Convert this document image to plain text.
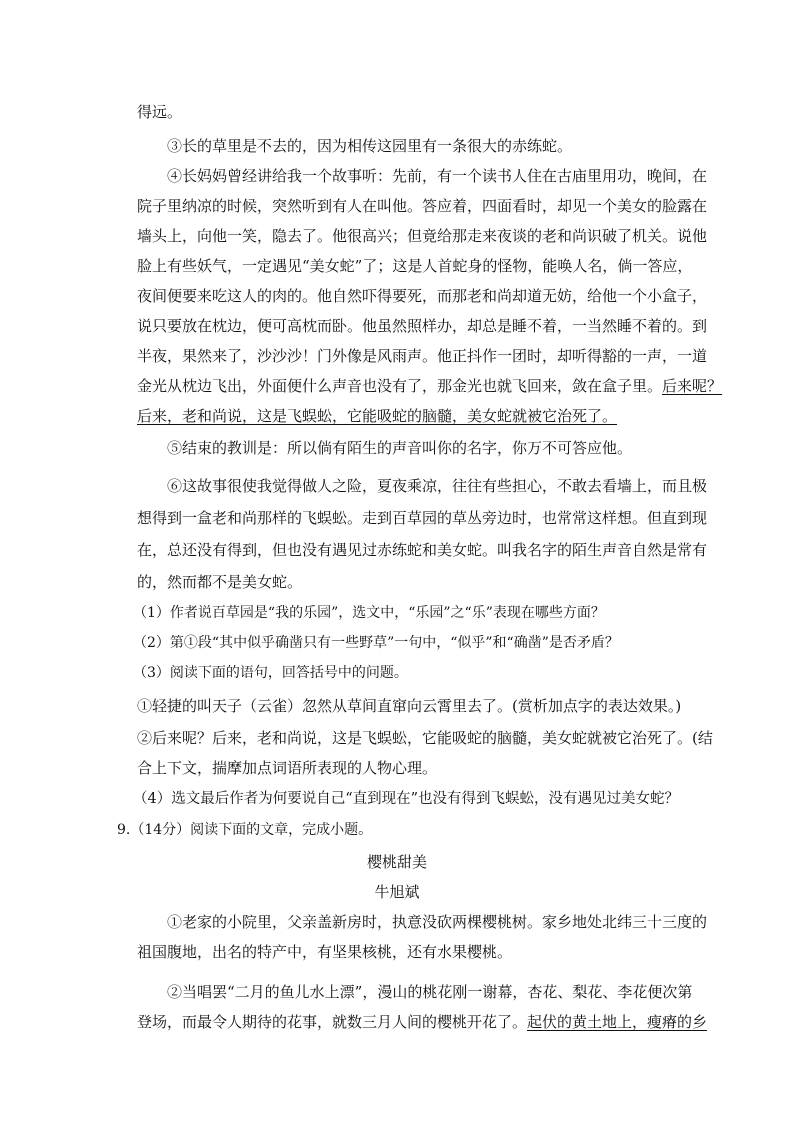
得远。
③长的草里是不去的，因为相传这园里有一条很大的赤练蛇。
④长妈妈曾经讲给我一个故事听：先前，有一个读书人住在古庙里用功，晚间，在
院子里纳凉的时候，突然听到有人在叫他。答应着，四面看时，却见一个美女的脸露在
墙头上，向他一笑，隐去了。他很高兴；但竟给那走来夜谈的老和尚识破了机关。说他
脸上有些妖气，一定遇见“美女蛇”了；这是人首蛇身的怪物，能唤人名，倘一答应，
夜间便要来吃这人的肉的。他自然吓得要死，而那老和尚却道无妨，给他一个小盒子，
说只要放在枕边，便可高枕而卧。他虽然照样办，却总是睡不着，一当然睡不着的。到
半夜，果然来了，沙沙沙！门外像是风雨声。他正抖作一团时，却听得豁的一声，一道
金光从枕边飞出，外面便什么声音也没有了，那金光也就飞回来，敛在盒子里。后来呢？
后来，老和尚说，这是飞蜈蚣，它能吸蛇的脑髓，美女蛇就被它治死了。
⑤结束的教训是：所以倘有陌生的声音叫你的名字，你万不可答应他。
⑥这故事很使我觉得做人之险，夏夜乘凉，往往有些担心，不敢去看墙上，而且极
想得到一盒老和尚那样的飞蜈蚣。走到百草园的草丛旁边时，也常常这样想。但直到现
在，总还没有得到，但也没有遇见过赤练蛇和美女蛇。叫我名字的陌生声音自然是常有
的，然而都不是美女蛇。
（1）作者说百草园是“我的乐园”，选文中，“乐园”之“乐”表现在哪些方面？
（2）第①段“其中似乎确凿只有一些野草”一句中，“似乎”和“确凿”是否矛盾？
（3）阅读下面的语句，回答括号中的问题。
①轻捷的叫天子（云雀）忽然从草间直窜向云霄里去了。(赏析加点字的表达效果。)
②后来呢？后来，老和尚说，这是飞蜈蚣，它能吸蛇的脑髓，美女蛇就被它治死了。(结
合上下文，揣摩加点词语所表现的人物心理。
（4）选文最后作者为何要说自己“直到现在”也没有得到飞蜈蚣，没有遇见过美女蛇？
9.（14分）阅读下面的文章，完成小题。
樱桃甜美
牛旭斌
①老家的小院里，父亲盖新房时，执意没砍两棵樱桃树。家乡地处北纬三十三度的
祖国腹地，出名的特产中，有坚果核桃，还有水果樱桃。
②当唱罢“二月的鱼儿水上漂”，漫山的桃花刚一谢幕，杏花、梨花、李花便次第
登场，而最令人期待的花事，就数三月人间的樱桃开花了。起伏的黄土地上，瘦瘠的乡
